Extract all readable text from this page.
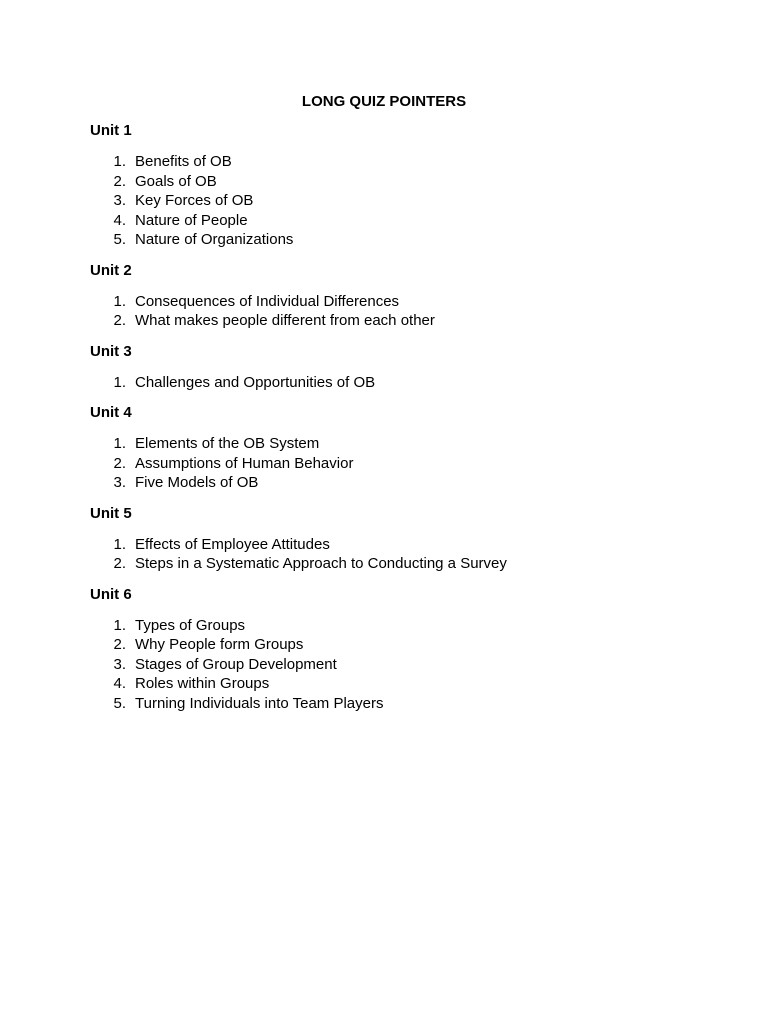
LONG QUIZ POINTERS
Unit 1
1. Benefits of OB
2. Goals of OB
3. Key Forces of OB
4. Nature of People
5. Nature of Organizations
Unit 2
1. Consequences of Individual Differences
2. What makes people different from each other
Unit 3
1. Challenges and Opportunities of OB
Unit 4
1. Elements of the OB System
2. Assumptions of Human Behavior
3. Five Models of OB
Unit 5
1. Effects of Employee Attitudes
2. Steps in a Systematic Approach to Conducting a Survey
Unit 6
1. Types of Groups
2. Why People form Groups
3. Stages of Group Development
4. Roles within Groups
5. Turning Individuals into Team Players
